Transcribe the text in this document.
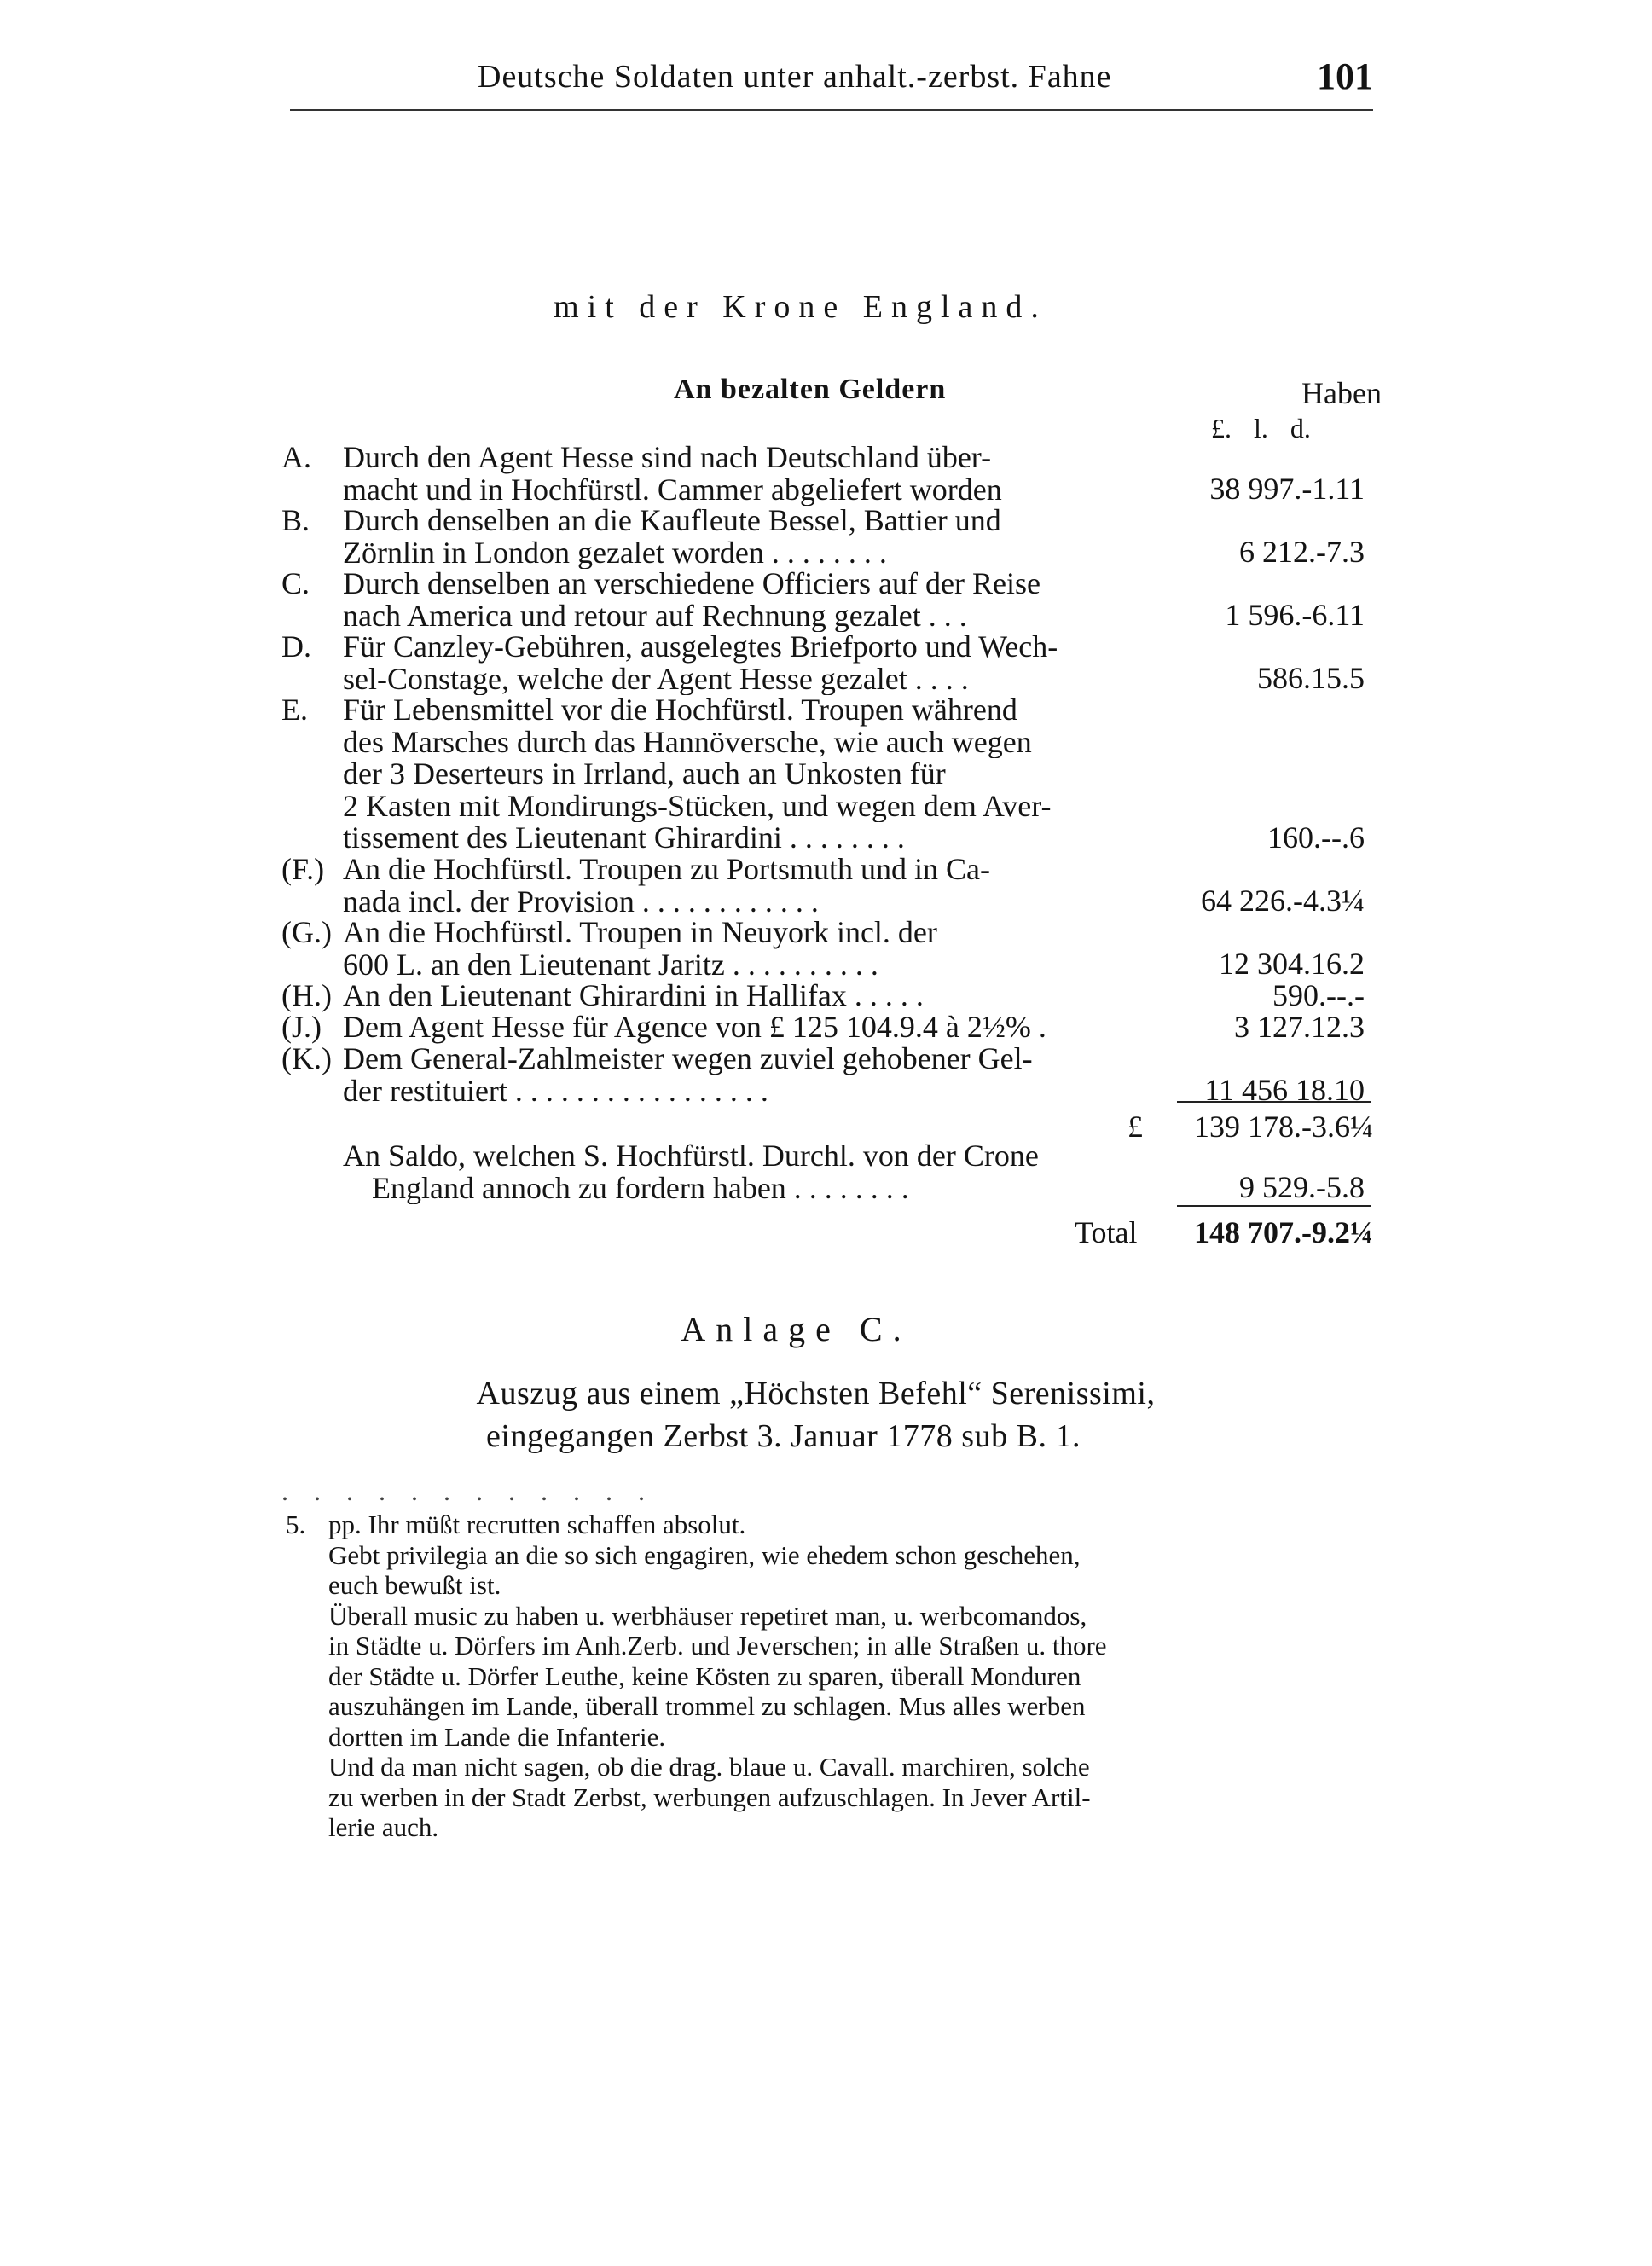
Deutsche Soldaten unter anhalt.-zerbst. Fahne	101
mit der Krone England.
An bezalten Geldern	Haben
£. l. d.
A.	Durch den Agent Hesse sind nach Deutschland über-
macht und in Hochfürstl. Cammer abgeliefert worden	38 997.-1.11
B.	Durch denselben an die Kaufleute Bessel, Battier und
Zörnlin in London gezalet worden . . . . . . . .	6 212.-7.3
C.	Durch denselben an verschiedene Officiers auf der Reise
nach America und retour auf Rechnung gezalet . . .	1 596.-6.11
D.	Für Canzley-Gebühren, ausgelegtes Briefporto und Wech-
sel-Constage, welche der Agent Hesse gezalet . . . .	586.15.5
E.	Für Lebensmittel vor die Hochfürstl. Troupen während
des Marsches durch das Hannöversche, wie auch wegen
der 3 Deserteurs in Irrland, auch an Unkosten für
2 Kasten mit Mondirungs-Stücken, und wegen dem Aver-
tissement des Lieutenant Ghirardini . . . . . . . .	160.--.6
(F.) An die Hochfürstl. Troupen zu Portsmuth und in Ca-
nada incl. der Provision . . . . . . . . . . . .	64 226.-4.3¼
(G.) An die Hochfürstl. Troupen in Neuyork incl. der
600 L. an den Lieutenant Jaritz . . . . . . . . . .	12 304.16.2
(H.) An den Lieutenant Ghirardini in Hallifax . . . . .	590.--.-
(J.) Dem Agent Hesse für Agence von £ 125 104.9.4 à 2½% .	3 127.12.3
(K.) Dem General-Zahlmeister wegen zuviel gehobener Gel-
der restituiert . . . . . . . . . . . . . . . . .	11 456 18.10
£	139 178.-3.6¼
An Saldo, welchen S. Hochfürstl. Durchl. von der Crone
England annoch zu fordern haben . . . . . . . .	9 529.-5.8
Total	148 707.-9.2¼
Anlage C.
Auszug aus einem „Höchsten Befehl“ Serenissimi,
eingegangen Zerbst 3. Januar 1778 sub B. 1.
. . . . . . . . . . . .
5. pp. Ihr müßt recrutten schaffen absolut.
Gebt privilegia an die so sich engagiren, wie ehedem schon geschehen,
euch bewußt ist.
Überall music zu haben u. werbhäuser repetiret man, u. werbcomandos,
in Städte u. Dörfers im Anh.Zerb. und Jeverschen; in alle Straßen u. thore
der Städte u. Dörfer Leuthe, keine Kösten zu sparen, überall Monduren
auszuhängen im Lande, überall trommel zu schlagen. Mus alles werben
dortten im Lande die Infanterie.
Und da man nicht sagen, ob die drag. blaue u. Cavall. marchiren, solche
zu werben in der Stadt Zerbst, werbungen aufzuschlagen. In Jever Artil-
lerie auch.
